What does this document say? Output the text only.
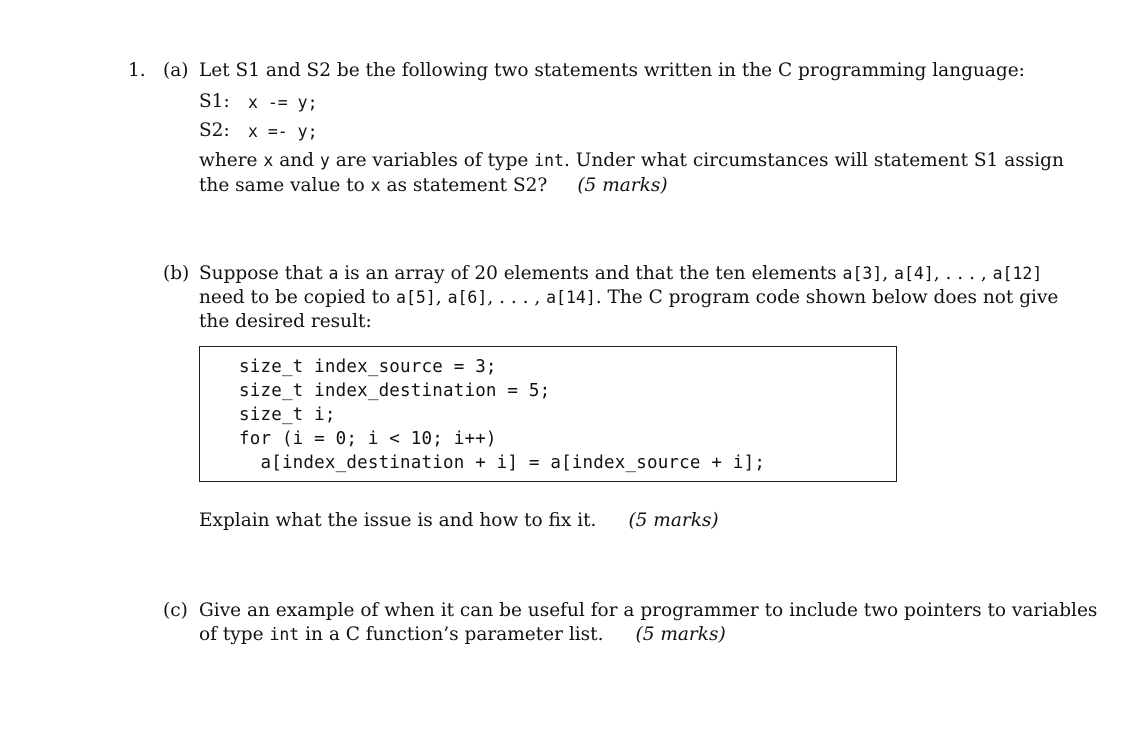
1. (a) Let S1 and S2 be the following two statements written in the C programming language:
S1: x -= y;
S2: x =- y;
where x and y are variables of type int. Under what circumstances will statement S1 assign
the same value to x as statement S2? (5 marks)
(b) Suppose that a is an array of 20 elements and that the ten elements a[3], a[4], . . . , a[12]
need to be copied to a[5], a[6], . . . , a[14]. The C program code shown below does not give
the desired result:
size_t index_source = 3;
size_t index_destination = 5;
size_t i;
for (i = 0; i < 10; i++)
a[index_destination + i] = a[index_source + i];
Explain what the issue is and how to fix it. (5 marks)
(c) Give an example of when it can be useful for a programmer to include two pointers to variables
of type int in a C function’s parameter list. (5 marks)
